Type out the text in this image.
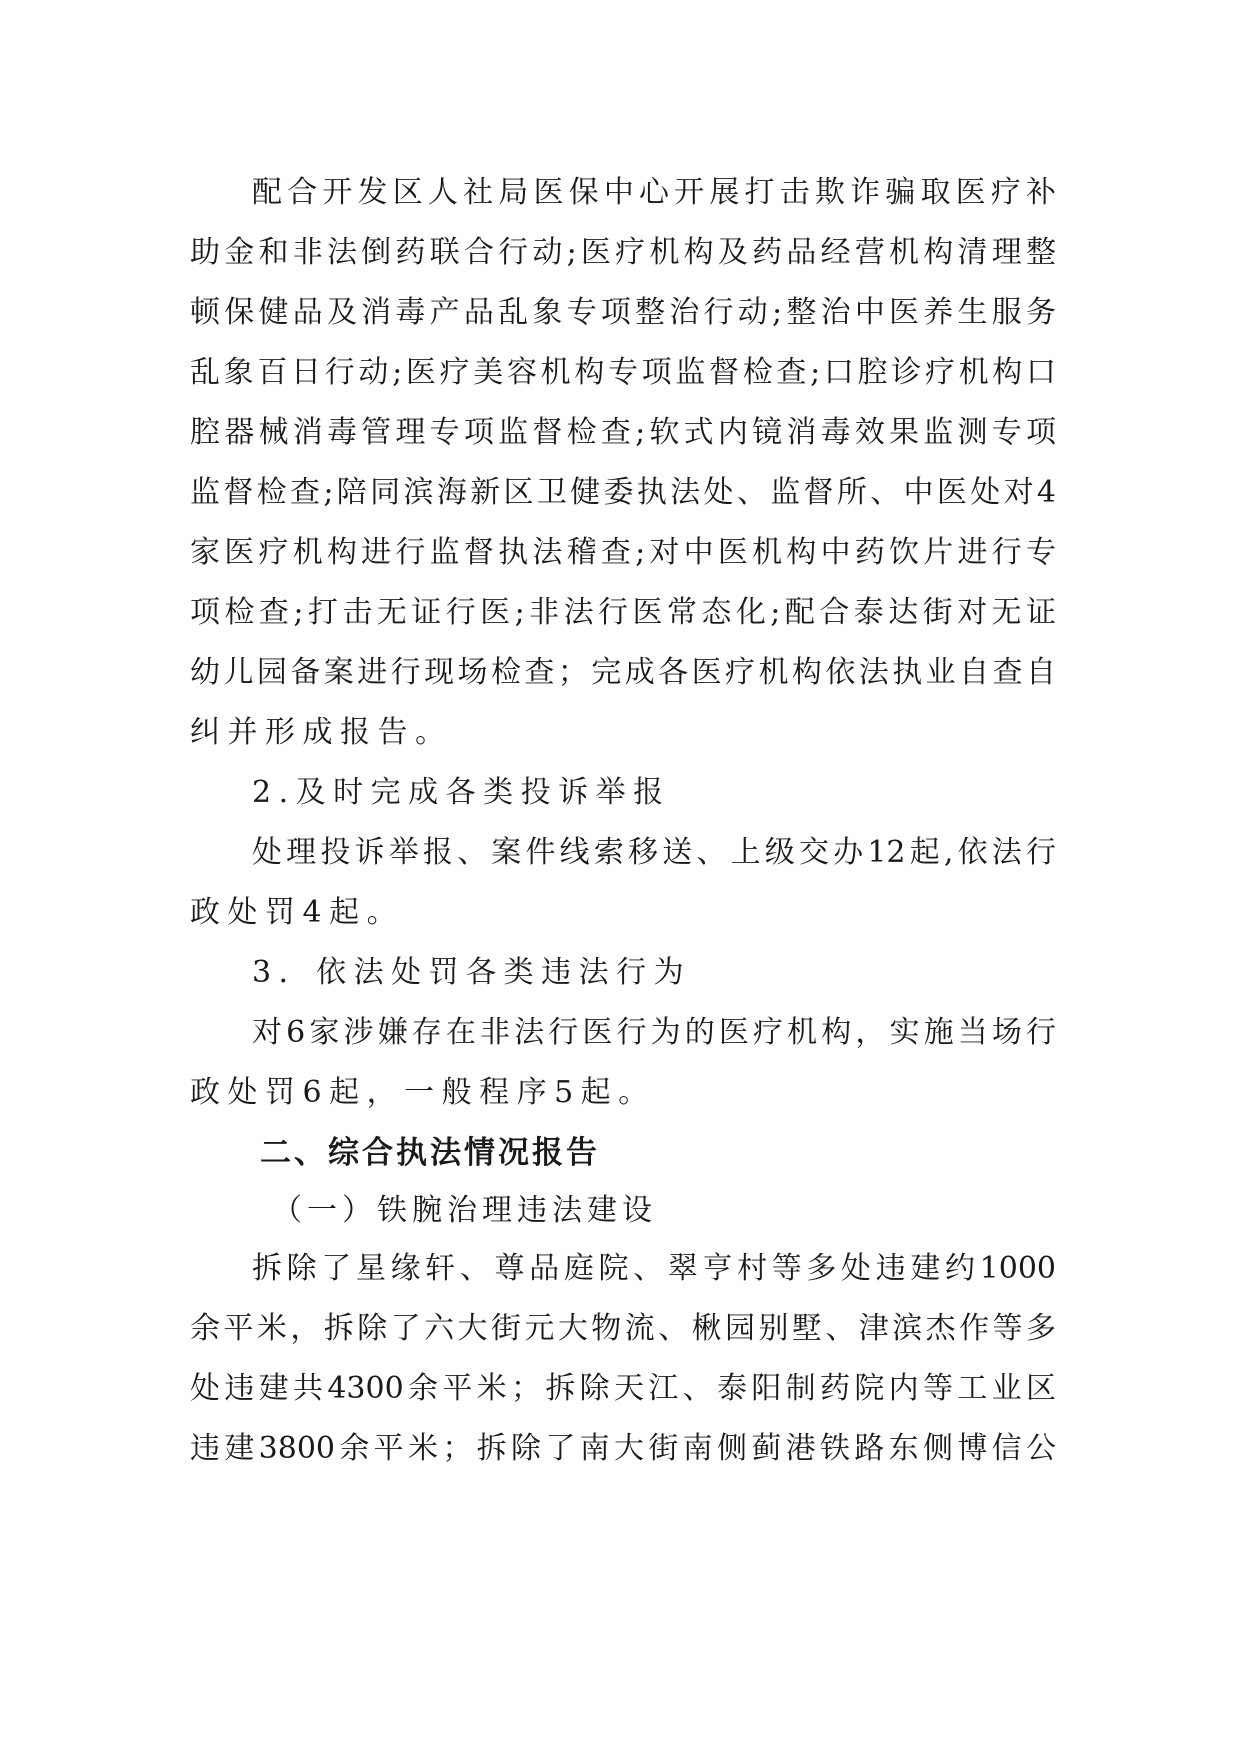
配合开发区人社局医保中心开展打击欺诈骗取医疗补
助金和非法倒药联合行动;医疗机构及药品经营机构清理整
顿保健品及消毒产品乱象专项整治行动;整治中医养生服务
乱象百日行动;医疗美容机构专项监督检查;口腔诊疗机构口
腔器械消毒管理专项监督检查;软式内镜消毒效果监测专项
监督检查;陪同滨海新区卫健委执法处、监督所、中医处对4
家医疗机构进行监督执法稽查;对中医机构中药饮片进行专
项检查;打击无证行医;非法行医常态化;配合泰达街对无证
幼儿园备案进行现场检查；完成各医疗机构依法执业自查自
纠并形成报告。
2.及时完成各类投诉举报
处理投诉举报、案件线索移送、上级交办12起,依法行
政处罚4起。
3．依法处罚各类违法行为
对6家涉嫌存在非法行医行为的医疗机构，实施当场行
政处罚6起，一般程序5起。
二、综合执法情况报告
（一）铁腕治理违法建设
拆除了星缘轩、尊品庭院、翠亨村等多处违建约1000
余平米，拆除了六大街元大物流、楸园别墅、津滨杰作等多
处违建共4300余平米；拆除天江、泰阳制药院内等工业区
违建3800余平米；拆除了南大街南侧蓟港铁路东侧博信公
